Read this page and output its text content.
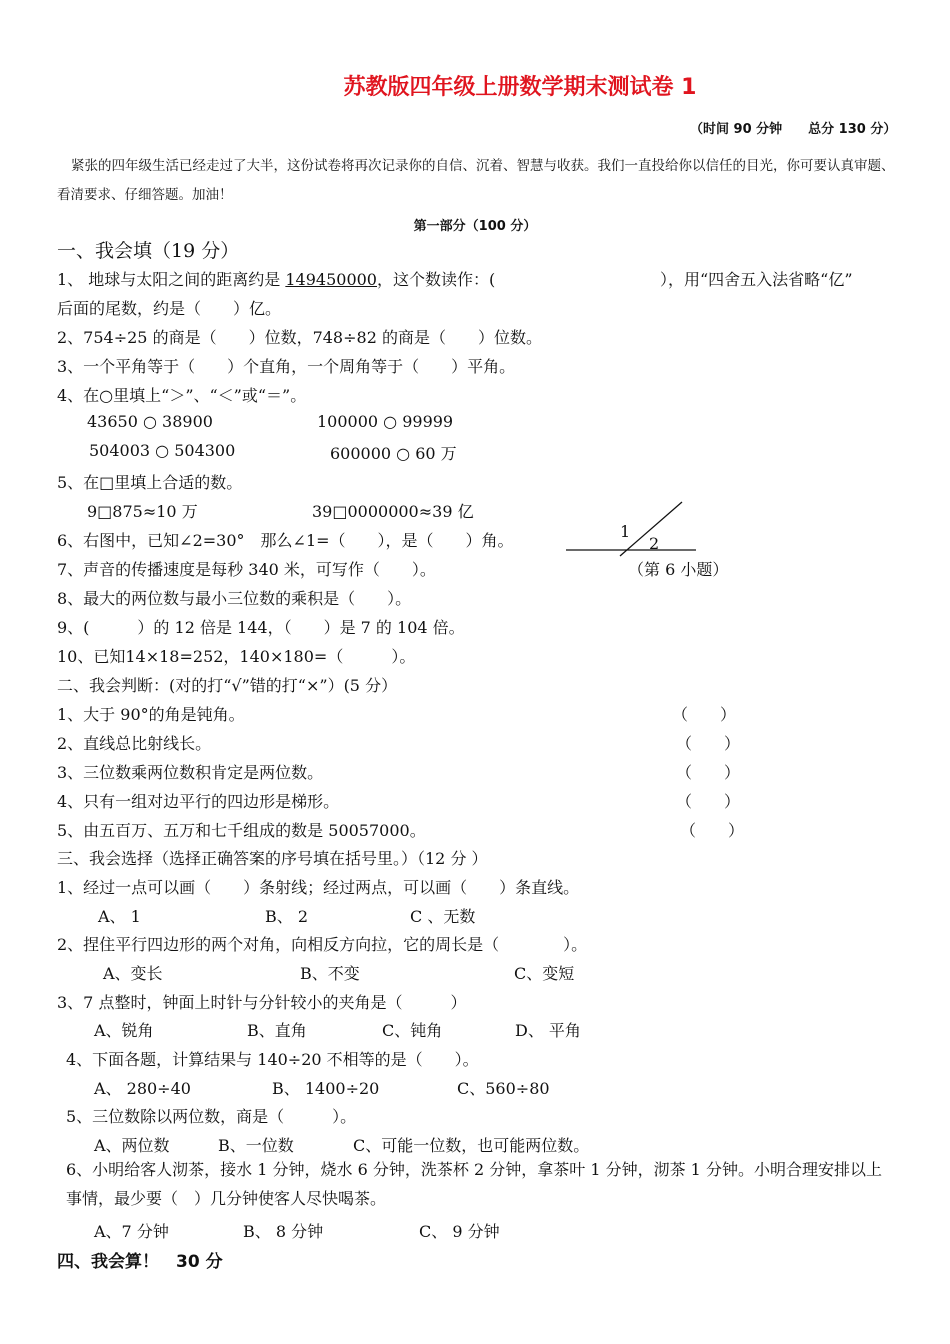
苏教版四年级上册数学期末测试卷 1
（时间 90 分钟　　总分 130 分）
紧张的四年级生活已经走过了大半，这份试卷将再次记录你的自信、沉着、智慧与收获。我们一直投给你以信任的目光，你可要认真审题、看清要求、仔细答题。加油！
第一部分（100 分）
一、我会填（19 分）
1、 地球与太阳之间的距离约是 149450000，这个数读作：(	），用“四舍五入法省略“亿”
后面的尾数，约是（　　）亿。
2、754÷25 的商是（　　）位数，748÷82 的商是（　　）位数。
3、一个平角等于（　　）个直角，一个周角等于（　　）平角。
4、在○里填上“＞”、“＜”或“＝”。
43650 ○ 38900	100000 ○ 99999
504003 ○ 504300	600000 ○ 60 万
5、在□里填上合适的数。
9□875≈10 万	39□0000000≈39 亿
6、右图中，已知∠2=30°　那么∠1=（　　），是（　　）角。	1
2
7、声音的传播速度是每秒 340 米，可写作（　　）。	（第 6 小题）
8、最大的两位数与最小三位数的乘积是（　　）。
9、(　　　）的 12 倍是 144，（　　）是 7 的 104 倍。
10、已知14×18=252，140×180=（　　　）。
二、我会判断：(对的打“√”错的打“×”）(5 分）
1、大于 90°的角是钝角。	（　　）
2、直线总比射线长。	（　　）
3、三位数乘两位数积肯定是两位数。	（　　）
4、只有一组对边平行的四边形是梯形。	（　　）
5、由五百万、五万和七千组成的数是 50057000。	（　　）
三、我会选择（选择正确答案的序号填在括号里。）（12 分 ）
1、经过一点可以画（　　）条射线；经过两点，可以画（　　）条直线。
A、 1	B、 2	C 、无数
2、捏住平行四边形的两个对角，向相反方向拉，它的周长是（　　　　）。
A、变长	B、不变	C、变短
3、7 点整时，钟面上时针与分针较小的夹角是（　　　）
A、锐角	B、直角	C、钝角	D、 平角
4、下面各题，计算结果与 140÷20 不相等的是（　　）。
A、 280÷40	B、 1400÷20	C、560÷80
5、三位数除以两位数，商是（　　　）。
A、两位数	B、一位数	C、可能一位数，也可能两位数。
6、小明给客人沏茶，接水 1 分钟，烧水 6 分钟，洗茶杯 2 分钟，拿茶叶 1 分钟，沏茶 1 分钟。小明合理安排以上事情，最少要（　）几分钟使客人尽快喝茶。
A、7 分钟	B、 8 分钟	C、 9 分钟
四、我会算！　30 分
